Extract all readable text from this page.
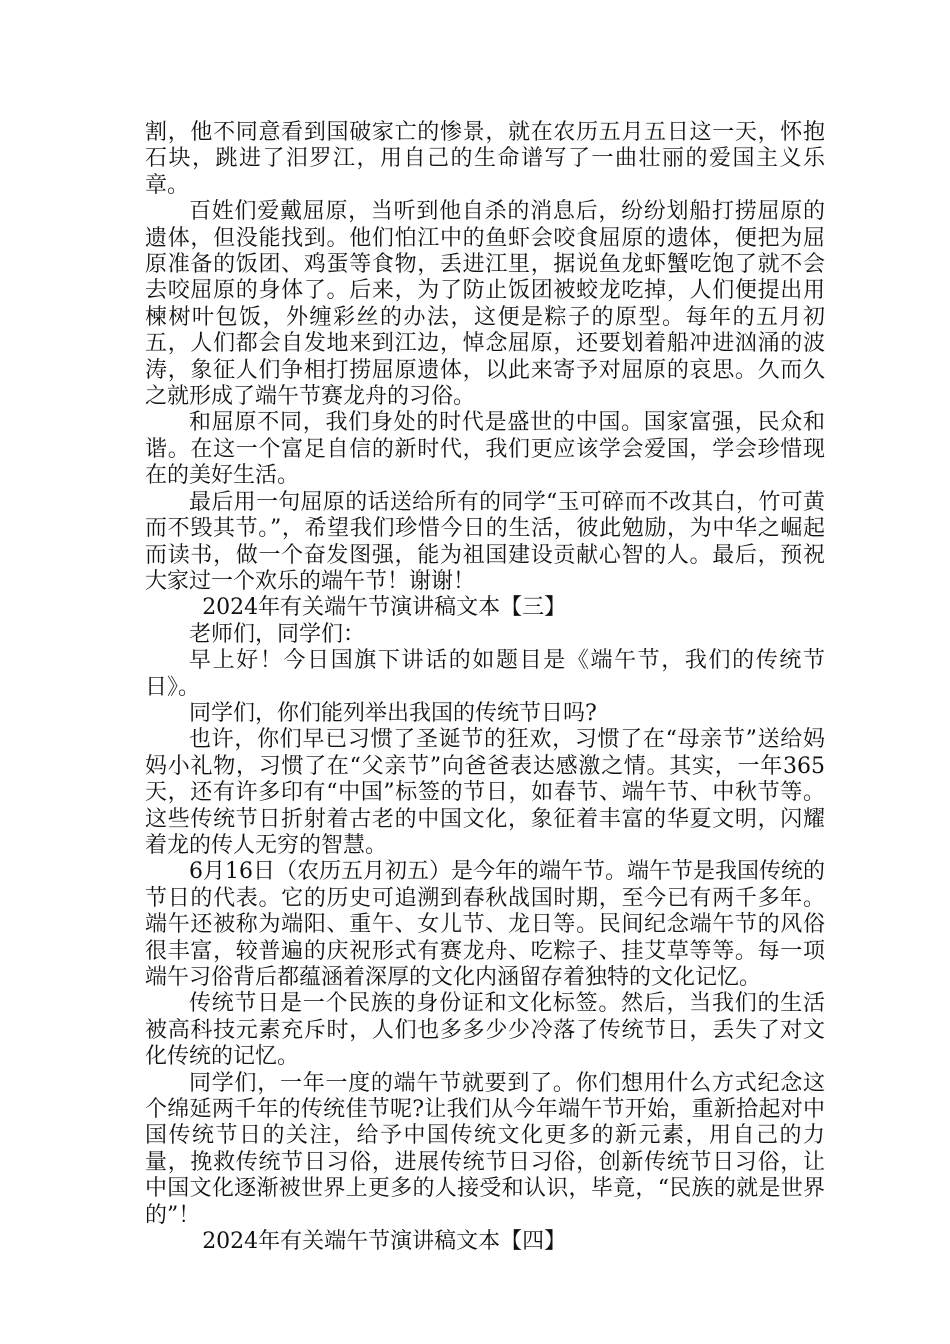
割，他不同意看到国破家亡的惨景，就在农历五月五日这一天，怀抱石块，跳进了汨罗江，用自己的生命谱写了一曲壮丽的爱国主义乐章。

百姓们爱戴屈原，当听到他自杀的消息后，纷纷划船打捞屈原的遗体，但没能找到。他们怕江中的鱼虾会咬食屈原的遗体，便把为屈原准备的饭团、鸡蛋等食物，丢进江里，据说鱼龙虾蟹吃饱了就不会去咬屈原的身体了。后来，为了防止饭团被蛟龙吃掉，人们便提出用楝树叶包饭，外缠彩丝的办法，这便是粽子的原型。每年的五月初五，人们都会自发地来到江边，悼念屈原，还要划着船冲进汹涌的波涛，象征人们争相打捞屈原遗体，以此来寄予对屈原的哀思。久而久之就形成了端午节赛龙舟的习俗。

和屈原不同，我们身处的时代是盛世的中国。国家富强，民众和谐。在这一个富足自信的新时代，我们更应该学会爱国，学会珍惜现在的美好生活。

最后用一句屈原的话送给所有的同学“玉可碎而不改其白，竹可黄而不毁其节。”，希望我们珍惜今日的生活，彼此勉励，为中华之崛起而读书，做一个奋发图强，能为祖国建设贡献心智的人。最后，预祝大家过一个欢乐的端午节！谢谢！

2024年有关端午节演讲稿文本【三】

老师们，同学们：

早上好！今日国旗下讲话的如题目是《端午节，我们的传统节日》。

同学们，你们能列举出我国的传统节日吗?

也许，你们早已习惯了圣诞节的狂欢，习惯了在“母亲节”送给妈妈小礼物，习惯了在“父亲节”向爸爸表达感激之情。其实，一年365天，还有许多印有“中国”标签的节日，如春节、端午节、中秋节等。这些传统节日折射着古老的中国文化，象征着丰富的华夏文明，闪耀着龙的传人无穷的智慧。

6月16日（农历五月初五）是今年的端午节。端午节是我国传统的节日的代表。它的历史可追溯到春秋战国时期，至今已有两千多年。端午还被称为端阳、重午、女儿节、龙日等。民间纪念端午节的风俗很丰富，较普遍的庆祝形式有赛龙舟、吃粽子、挂艾草等等。每一项端午习俗背后都蕴涵着深厚的文化内涵留存着独特的文化记忆。

传统节日是一个民族的身份证和文化标签。然后，当我们的生活被高科技元素充斥时，人们也多多少少冷落了传统节日，丢失了对文化传统的记忆。

同学们，一年一度的端午节就要到了。你们想用什么方式纪念这个绵延两千年的传统佳节呢?让我们从今年端午节开始，重新拾起对中国传统节日的关注，给予中国传统文化更多的新元素，用自己的力量，挽救传统节日习俗，进展传统节日习俗，创新传统节日习俗，让中国文化逐渐被世界上更多的人接受和认识，毕竟，“民族的就是世界的”！

2024年有关端午节演讲稿文本【四】
